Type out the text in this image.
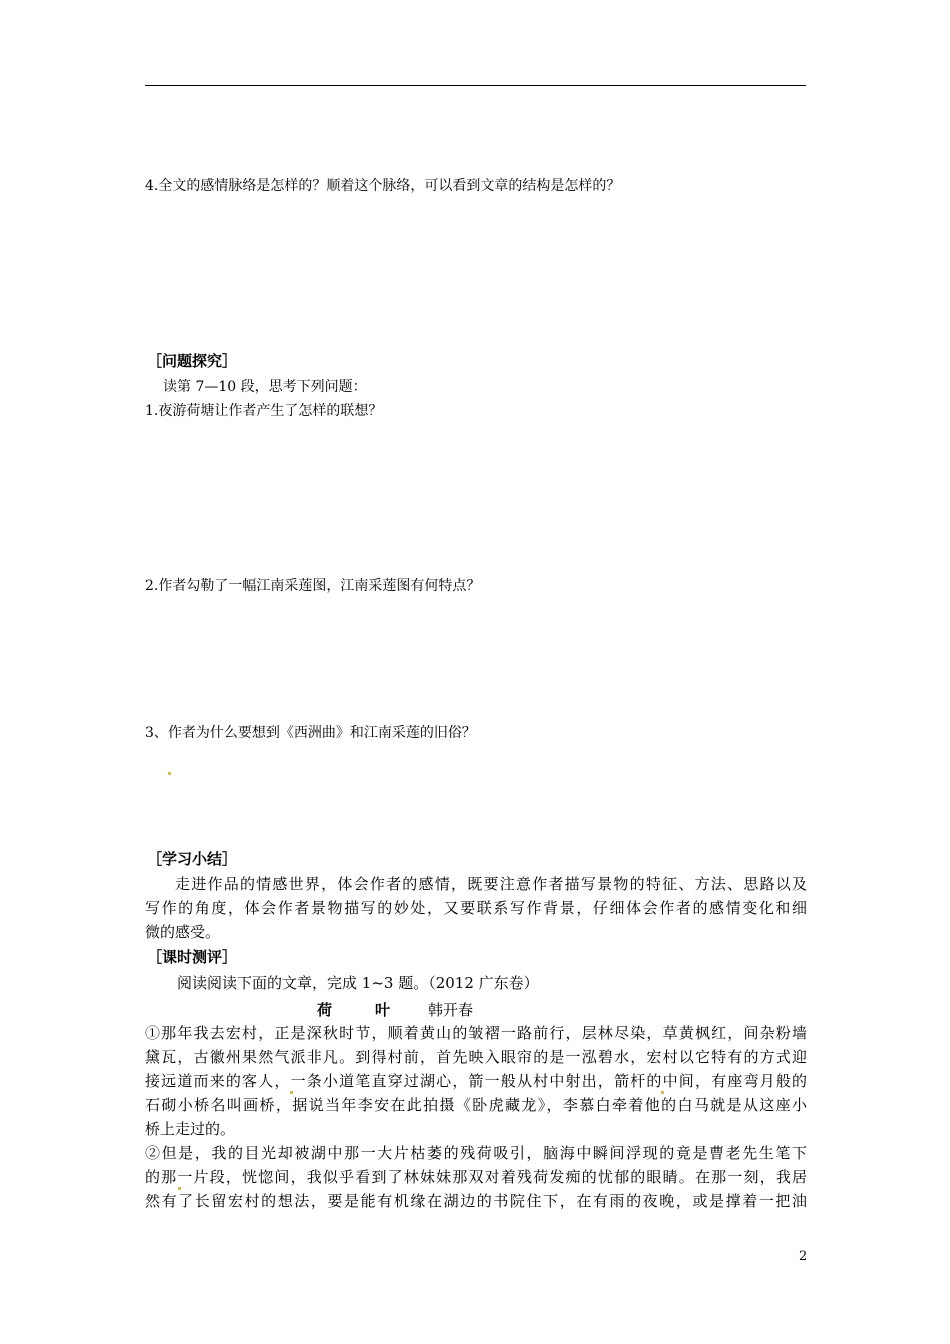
4.全文的感情脉络是怎样的？顺着这个脉络，可以看到文章的结构是怎样的？
［问题探究］
读第 7—10 段，思考下列问题：
1.夜游荷塘让作者产生了怎样的联想？
2.作者勾勒了一幅江南采莲图，江南采莲图有何特点？
3、作者为什么要想到《西洲曲》和江南采莲的旧俗？
［学习小结］
走进作品的情感世界，体会作者的感情，既要注意作者描写景物的特征、方法、思路以及
写作的角度，体会作者景物描写的妙处，又要联系写作背景，仔细体会作者的感情变化和细
微的感受。
［课时测评］
阅读阅读下面的文章，完成 1~3 题。（2012 广东卷）
荷	叶	韩开春
①那年我去宏村，正是深秋时节，顺着黄山的皱褶一路前行，层林尽染，草黄枫红，间杂粉墙
黛瓦，古徽州果然气派非凡。到得村前，首先映入眼帘的是一泓碧水，宏村以它特有的方式迎
接远道而来的客人，一条小道笔直穿过湖心，箭一般从村中射出，箭杆的中间，有座弯月般的
石砌小桥名叫画桥，据说当年李安在此拍摄《卧虎藏龙》，李慕白牵着他的白马就是从这座小
桥上走过的。
②但是，我的目光却被湖中那一大片枯萎的残荷吸引，脑海中瞬间浮现的竟是曹老先生笔下
的那一片段，恍惚间，我似乎看到了林妹妹那双对着残荷发痴的忧郁的眼睛。在那一刻，我居
然有了长留宏村的想法，要是能有机缘在湖边的书院住下，在有雨的夜晚，或是撑着一把油
2
